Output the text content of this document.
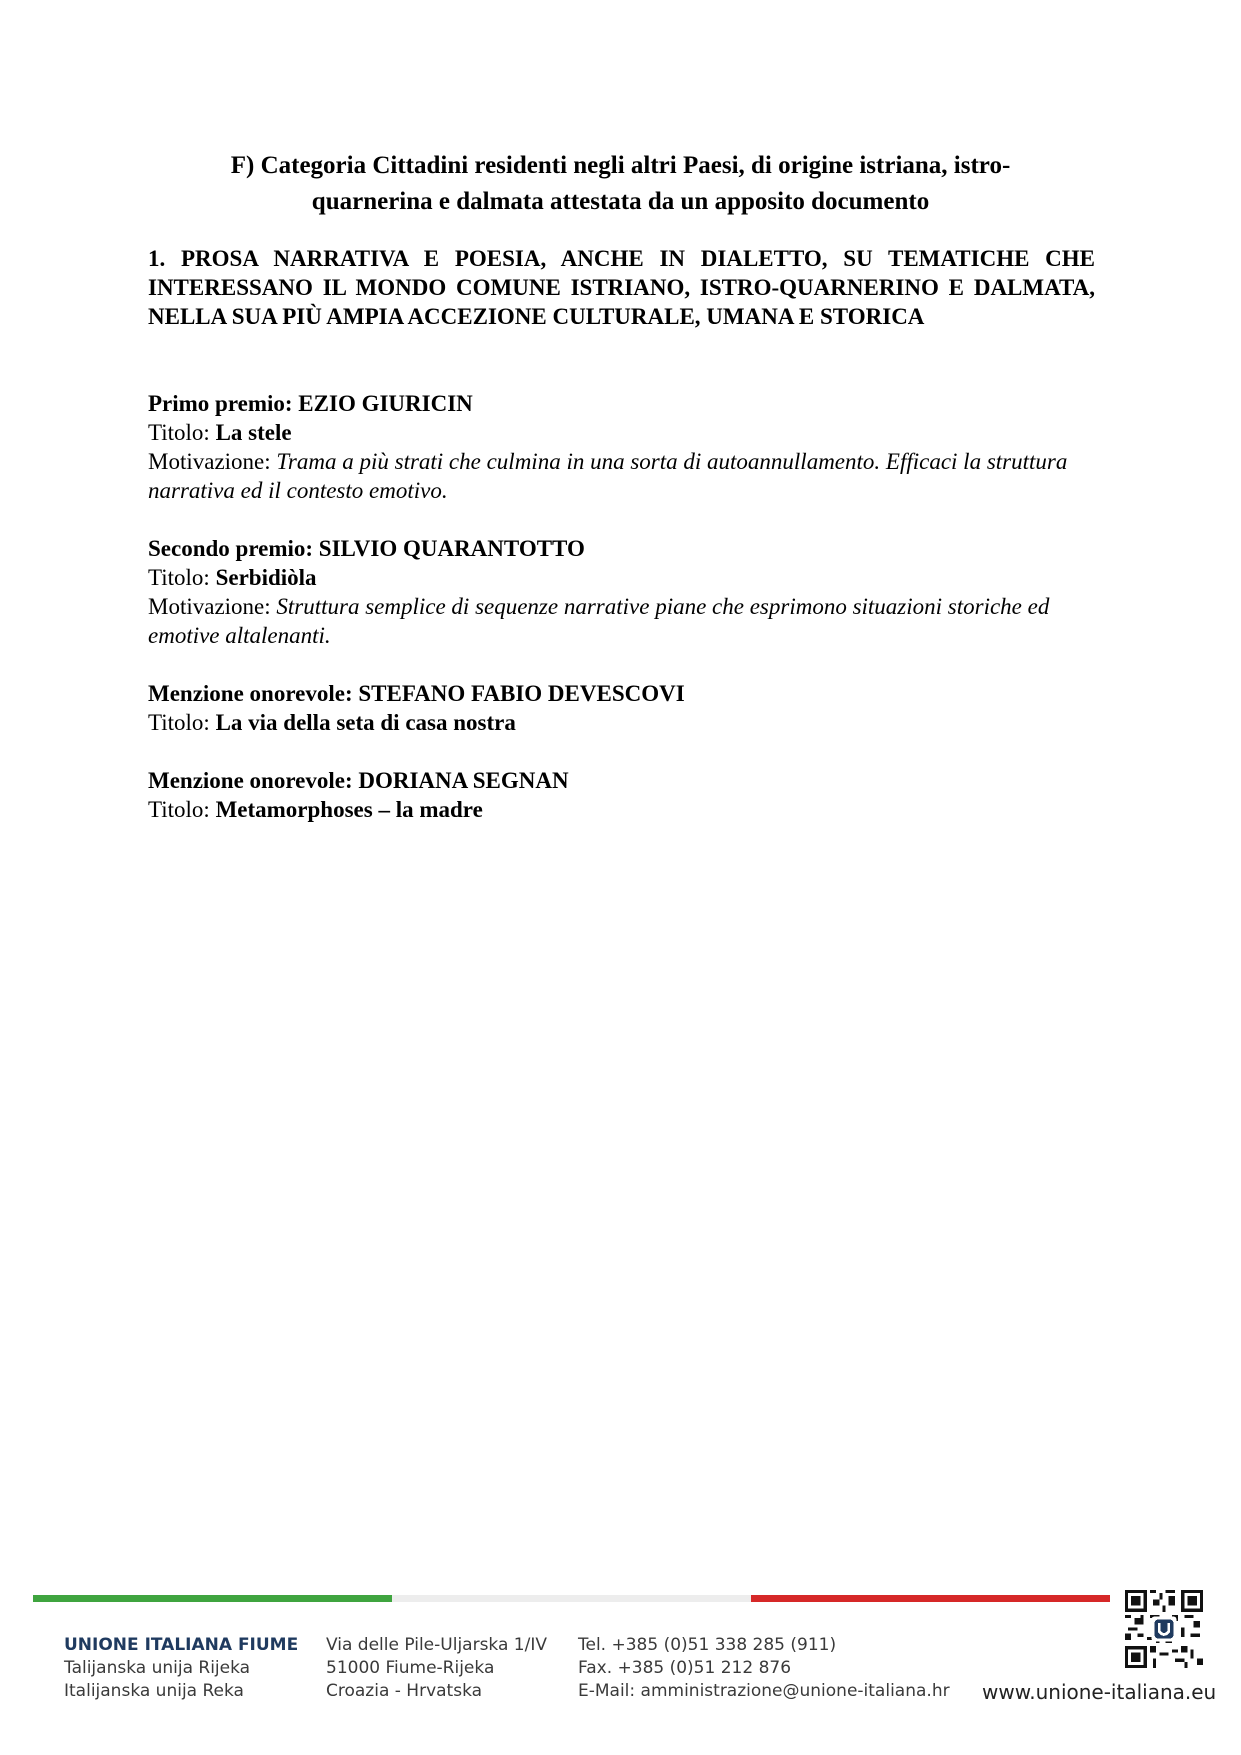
F) Categoria Cittadini residenti negli altri Paesi, di origine istriana, istro-
quarnerina e dalmata attestata da un apposito documento
1. PROSA NARRATIVA E POESIA, ANCHE IN DIALETTO, SU TEMATICHE CHE INTERESSANO IL MONDO COMUNE ISTRIANO, ISTRO-QUARNERINO E DALMATA, NELLA SUA PIÙ AMPIA ACCEZIONE CULTURALE, UMANA E STORICA

Primo premio: EZIO GIURICIN

Titolo: La stele

Motivazione: Trama a più strati che culmina in una sorta di autoannullamento. Efficaci la struttura narrativa ed il contesto emotivo.

Secondo premio: SILVIO QUARANTOTTO

Titolo: Serbidiòla

Motivazione: Struttura semplice di sequenze narrative piane che esprimono situazioni storiche ed emotive altalenanti.

Menzione onorevole: STEFANO FABIO DEVESCOVI

Titolo: La via della seta di casa nostra

Menzione onorevole: DORIANA SEGNAN

Titolo: Metamorphoses – la madre

UNIONE ITALIANA FIUME

Talijanska unija Rijeka

Italijanska unija Reka

Via delle Pile-Uljarska 1/IV

51000 Fiume-Rijeka

Croazia - Hrvatska

Tel. +385 (0)51 338 285 (911)

Fax. +385 (0)51 212 876

E-Mail: amministrazione@unione-italiana.hr www.unione-italiana.eu
